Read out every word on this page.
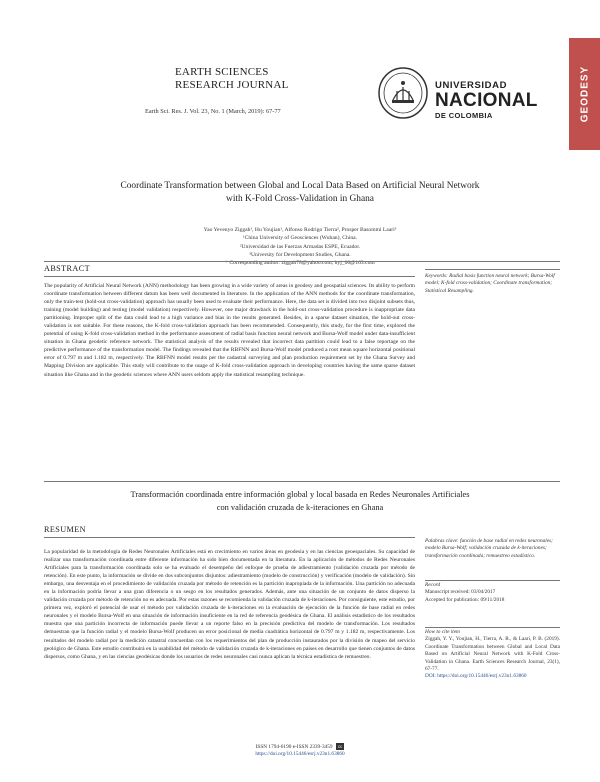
EARTH SCIENCES
RESEARCH JOURNAL
Earth Sci. Res. J. Vol. 23, No. 1 (March, 2019): 67-77
UNIVERSIDAD
NACIONAL
DE COLOMBIA	GEODESY
Coordinate Transformation between Global and Local Data Based on Artificial Neural Network
with K-Fold Cross-Validation in Ghana
Yao Yevenyo Ziggah¹, Hu Youjian¹, Alfonso Rodrigo Tierra², Prosper Basommi Laari³
¹China University of Geosciences (Wuhan), China.
²Universidad de las Fuerzas Armadas ESPE, Ecuador.
³University for Development Studies, Ghana.
* Corresponding author: ziggah78@yahoo.com; hyj_06@163.com
ABSTRACT
The popularity of Artificial Neural Network (ANN) methodology has been growing in a wide variety of areas in geodesy and geospatial sciences. Its ability to perform coordinate transformation between different datum has been well documented in literature. In the application of the ANN methods for the coordinate transformation, only the train-test (hold-out cross-validation) approach has usually been used to evaluate their performance. Here, the data set is divided into two disjoint subsets thus, training (model building) and testing (model validation) respectively. However, one major drawback in the hold-out cross-validation procedure is inappropriate data partitioning. Improper split of the data could lead to a high variance and bias in the results generated. Besides, in a sparse dataset situation, the hold-out cross-validation is not suitable. For these reasons, the K-fold cross-validation approach has been recommended. Consequently, this study, for the first time, explored the potential of using K-fold cross-validation method in the performance assessment of radial basis function neural network and Bursa-Wolf model under data-insufficient situation in Ghana geodetic reference network. The statistical analysis of the results revealed that incorrect data partition could lead to a false reportage on the predictive performance of the transformation model. The findings revealed that the RBFNN and Bursa-Wolf model produced a root mean square horizontal positional error of 0.797 m and 1.182 m, respectively. The RBFNN model results per the cadastral surveying and plan production requirement set by the Ghana Survey and Mapping Division are applicable. This study will contribute to the usage of K-fold cross-validation approach in developing countries having the same sparse dataset situation like Ghana and in the geodetic sciences where ANN users seldom apply the statistical resampling technique.
Keywords: Radial basis function neural network; Bursa-Wolf model; K-fold cross-validation; Coordinate transformation; Statistical Resampling.
Transformación coordinada entre información global y local basada en Redes Neuronales Artificiales
con validación cruzada de k-iteraciones en Ghana
RESUMEN
La popularidad de la metodología de Redes Neuronales Artificiales está en crecimiento en varios áreas en geodesia y en las ciencias geoespaciales. Su capacidad de realizar una transformación coordinada entre diferente información ha sido bien documentada en la literatura. En la aplicación de métodos de Redes Neuronales Artificiales para la transformación coordinada solo se ha evaluado el desempeño del enfoque de prueba de adiestramiento (validación cruzada por método de retención). En este punto, la información se divide en dos subconjuntos disjuntos: adiestramiento (modelo de construcción) y verificación (modelo de validación). Sin embargo, una desventaja en el procedimiento de validación cruzada por método de retención es la partición inapropiada de la información. Una partición no adecuada en la información podría llevar a una gran diferencia o un sesgo en los resultados generados. Además, ante una situación de un conjunto de datos disperso la validación cruzada por método de retención no es adecuada. Por estas razones se recomienda la validación cruzada de k-iteraciones. Por consiguiente, este estudio, por primera vez, exploró el potencial de usar el método por validación cruzada de k-iteraciones en la evaluación de ejecución de la función de base radial en redes neuronales y el modelo Bursa-Wolf en una situación de información insuficiente en la red de referencia geodésica de Ghana. El análisis estadístico de los resultados muestra que una partición incorrecta de información puede llevar a un reporte falso en la precisión predictiva del modelo de transformación. Los resultados demuestran que la función radial y el modelo Bursa-Wolf producen un error posicional de media cuadrática horizontal de 0.797 m y 1.182 m, respectivamente. Los resultados del modelo radial por la medición catastral concuerdan con los requerimientos del plan de producción instaurados por la división de mapeo del servicio geológico de Ghana. Este estudio contribuirá en la usabilidad del método de validación cruzada de k-iteraciones en países en desarrollo que tienen conjuntos de datos dispersos, como Ghana, y en las ciencias geodésicas donde los usuarios de redes neuronales casi nunca aplican la técnica estadística de remuestreo.
Palabras clave: función de base radial en redes neuronales; modelo Bursa-Wolf; validación cruzada de k-iteraciones; transformación coordinada; remuestreo estadístico.
Record
Manuscript received: 03/04/2017
Accepted for publication: 09/11/2018
How to cite item
Ziggah, Y. Y., Youjian, H., Tierra, A. R., & Laari, P. B. (2019). Coordinate Transformation between Global and Local Data Based on Artificial Neural Network with K-Fold Cross-Validation in Ghana. Earth Sciences Research Journal, 23(1), 67-77.
DOI: https://doi.org/10.15446/esrj.v23n1.63860
ISSN 1794-6190 e-ISSN 2339-3459 cc
https://doi.org/10.15446/esrj.v23n1.63860
